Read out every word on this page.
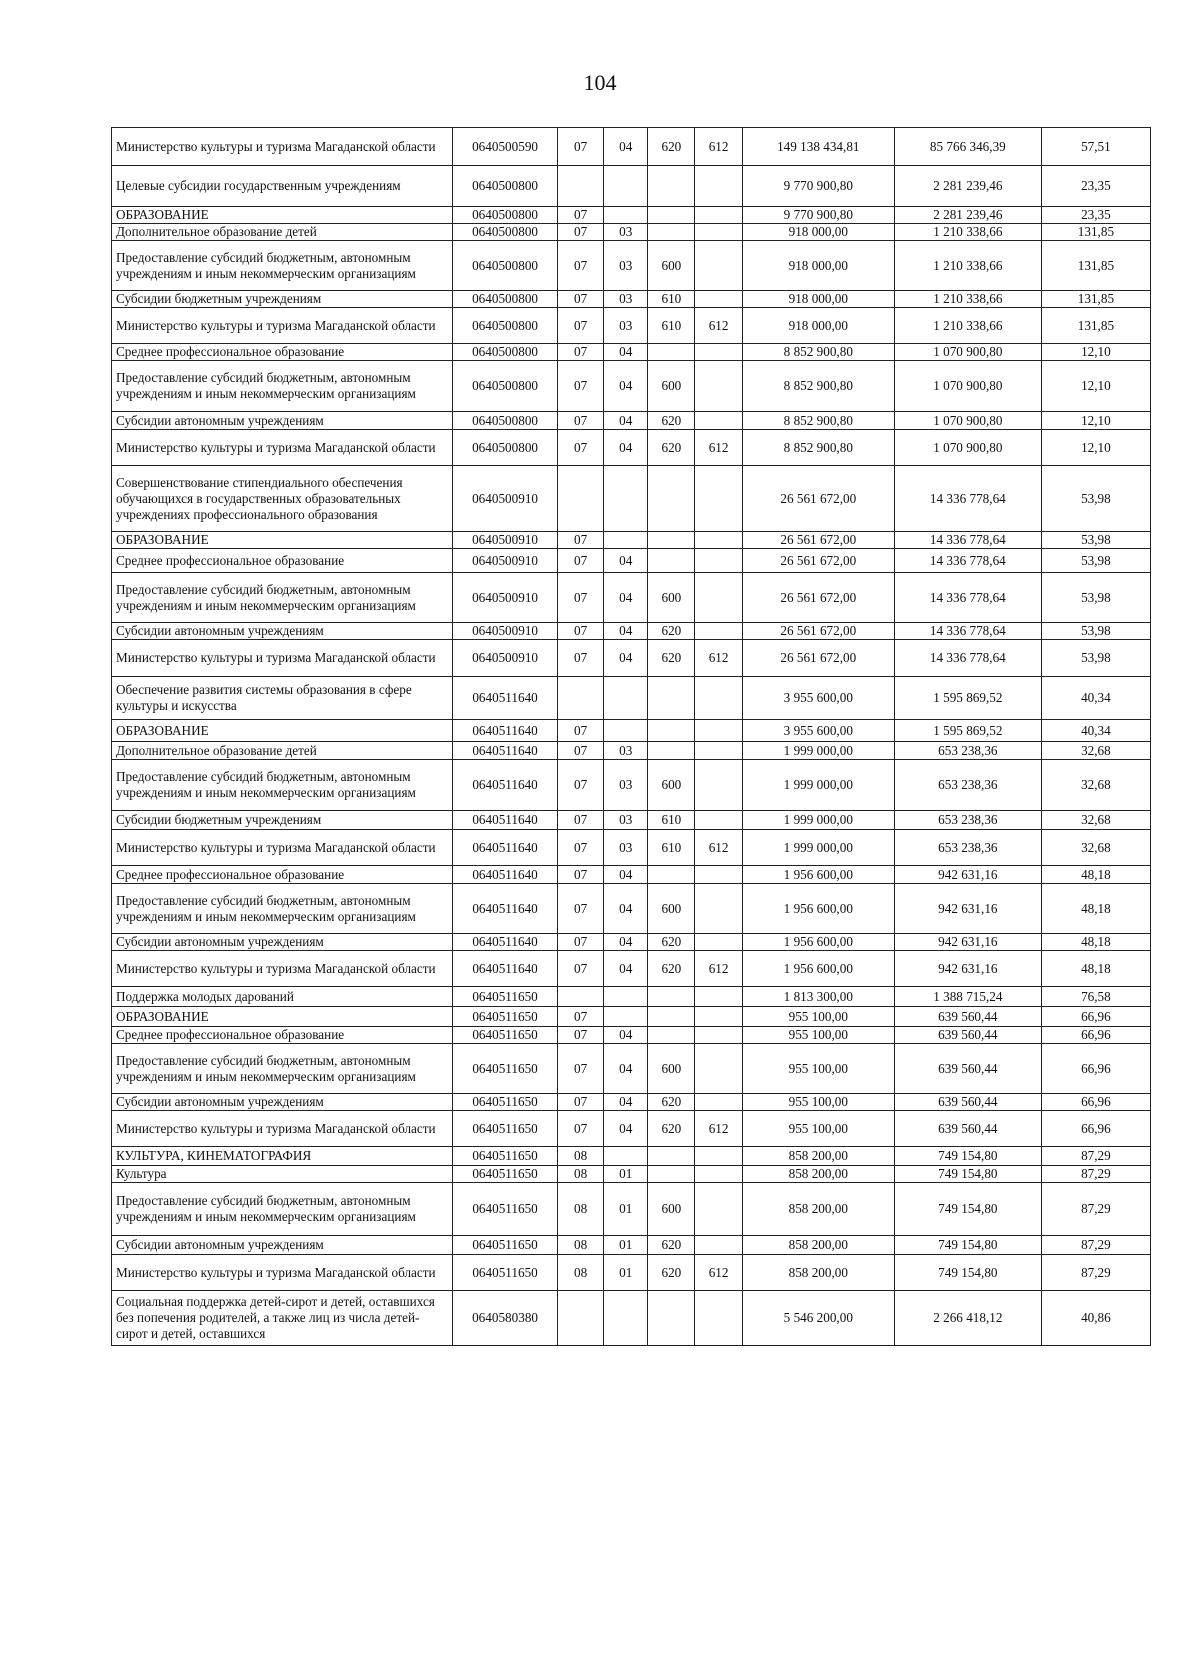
104
Министерство культуры и туризма Магаданской области	0640500590	07	04	620	612	149 138 434,81	85 766 346,39	57,51
Целевые субсидии государственным учреждениям	0640500800					9 770 900,80	2 281 239,46	23,35
ОБРАЗОВАНИЕ	0640500800	07				9 770 900,80	2 281 239,46	23,35
Дополнительное образование детей	0640500800	07	03			918 000,00	1 210 338,66	131,85
Предоставление субсидий бюджетным, автономным учреждениям и иным некоммерческим организациям	0640500800	07	03	600		918 000,00	1 210 338,66	131,85
Субсидии бюджетным учреждениям	0640500800	07	03	610		918 000,00	1 210 338,66	131,85
Министерство культуры и туризма Магаданской области	0640500800	07	03	610	612	918 000,00	1 210 338,66	131,85
Среднее профессиональное образование	0640500800	07	04			8 852 900,80	1 070 900,80	12,10
Предоставление субсидий бюджетным, автономным учреждениям и иным некоммерческим организациям	0640500800	07	04	600		8 852 900,80	1 070 900,80	12,10
Субсидии автономным учреждениям	0640500800	07	04	620		8 852 900,80	1 070 900,80	12,10
Министерство культуры и туризма Магаданской области	0640500800	07	04	620	612	8 852 900,80	1 070 900,80	12,10
Совершенствование стипендиального обеспечения обучающихся в государственных образовательных учреждениях профессионального образования	0640500910					26 561 672,00	14 336 778,64	53,98
ОБРАЗОВАНИЕ	0640500910	07				26 561 672,00	14 336 778,64	53,98
Среднее профессиональное образование	0640500910	07	04			26 561 672,00	14 336 778,64	53,98
Предоставление субсидий бюджетным, автономным учреждениям и иным некоммерческим организациям	0640500910	07	04	600		26 561 672,00	14 336 778,64	53,98
Субсидии автономным учреждениям	0640500910	07	04	620		26 561 672,00	14 336 778,64	53,98
Министерство культуры и туризма Магаданской области	0640500910	07	04	620	612	26 561 672,00	14 336 778,64	53,98
Обеспечение развития системы образования в сфере культуры и искусства	0640511640					3 955 600,00	1 595 869,52	40,34
ОБРАЗОВАНИЕ	0640511640	07				3 955 600,00	1 595 869,52	40,34
Дополнительное образование детей	0640511640	07	03			1 999 000,00	653 238,36	32,68
Предоставление субсидий бюджетным, автономным учреждениям и иным некоммерческим организациям	0640511640	07	03	600		1 999 000,00	653 238,36	32,68
Субсидии бюджетным учреждениям	0640511640	07	03	610		1 999 000,00	653 238,36	32,68
Министерство культуры и туризма Магаданской области	0640511640	07	03	610	612	1 999 000,00	653 238,36	32,68
Среднее профессиональное образование	0640511640	07	04			1 956 600,00	942 631,16	48,18
Предоставление субсидий бюджетным, автономным учреждениям и иным некоммерческим организациям	0640511640	07	04	600		1 956 600,00	942 631,16	48,18
Субсидии автономным учреждениям	0640511640	07	04	620		1 956 600,00	942 631,16	48,18
Министерство культуры и туризма Магаданской области	0640511640	07	04	620	612	1 956 600,00	942 631,16	48,18
Поддержка молодых дарований	0640511650					1 813 300,00	1 388 715,24	76,58
ОБРАЗОВАНИЕ	0640511650	07				955 100,00	639 560,44	66,96
Среднее профессиональное образование	0640511650	07	04			955 100,00	639 560,44	66,96
Предоставление субсидий бюджетным, автономным учреждениям и иным некоммерческим организациям	0640511650	07	04	600		955 100,00	639 560,44	66,96
Субсидии автономным учреждениям	0640511650	07	04	620		955 100,00	639 560,44	66,96
Министерство культуры и туризма Магаданской области	0640511650	07	04	620	612	955 100,00	639 560,44	66,96
КУЛЬТУРА, КИНЕМАТОГРАФИЯ	0640511650	08				858 200,00	749 154,80	87,29
Культура	0640511650	08	01			858 200,00	749 154,80	87,29
Предоставление субсидий бюджетным, автономным учреждениям и иным некоммерческим организациям	0640511650	08	01	600		858 200,00	749 154,80	87,29
Субсидии автономным учреждениям	0640511650	08	01	620		858 200,00	749 154,80	87,29
Министерство культуры и туризма Магаданской области	0640511650	08	01	620	612	858 200,00	749 154,80	87,29
Социальная поддержка детей-сирот и детей, оставшихся без попечения родителей, а также лиц из числа детей-сирот и детей, оставшихся	0640580380					5 546 200,00	2 266 418,12	40,86
